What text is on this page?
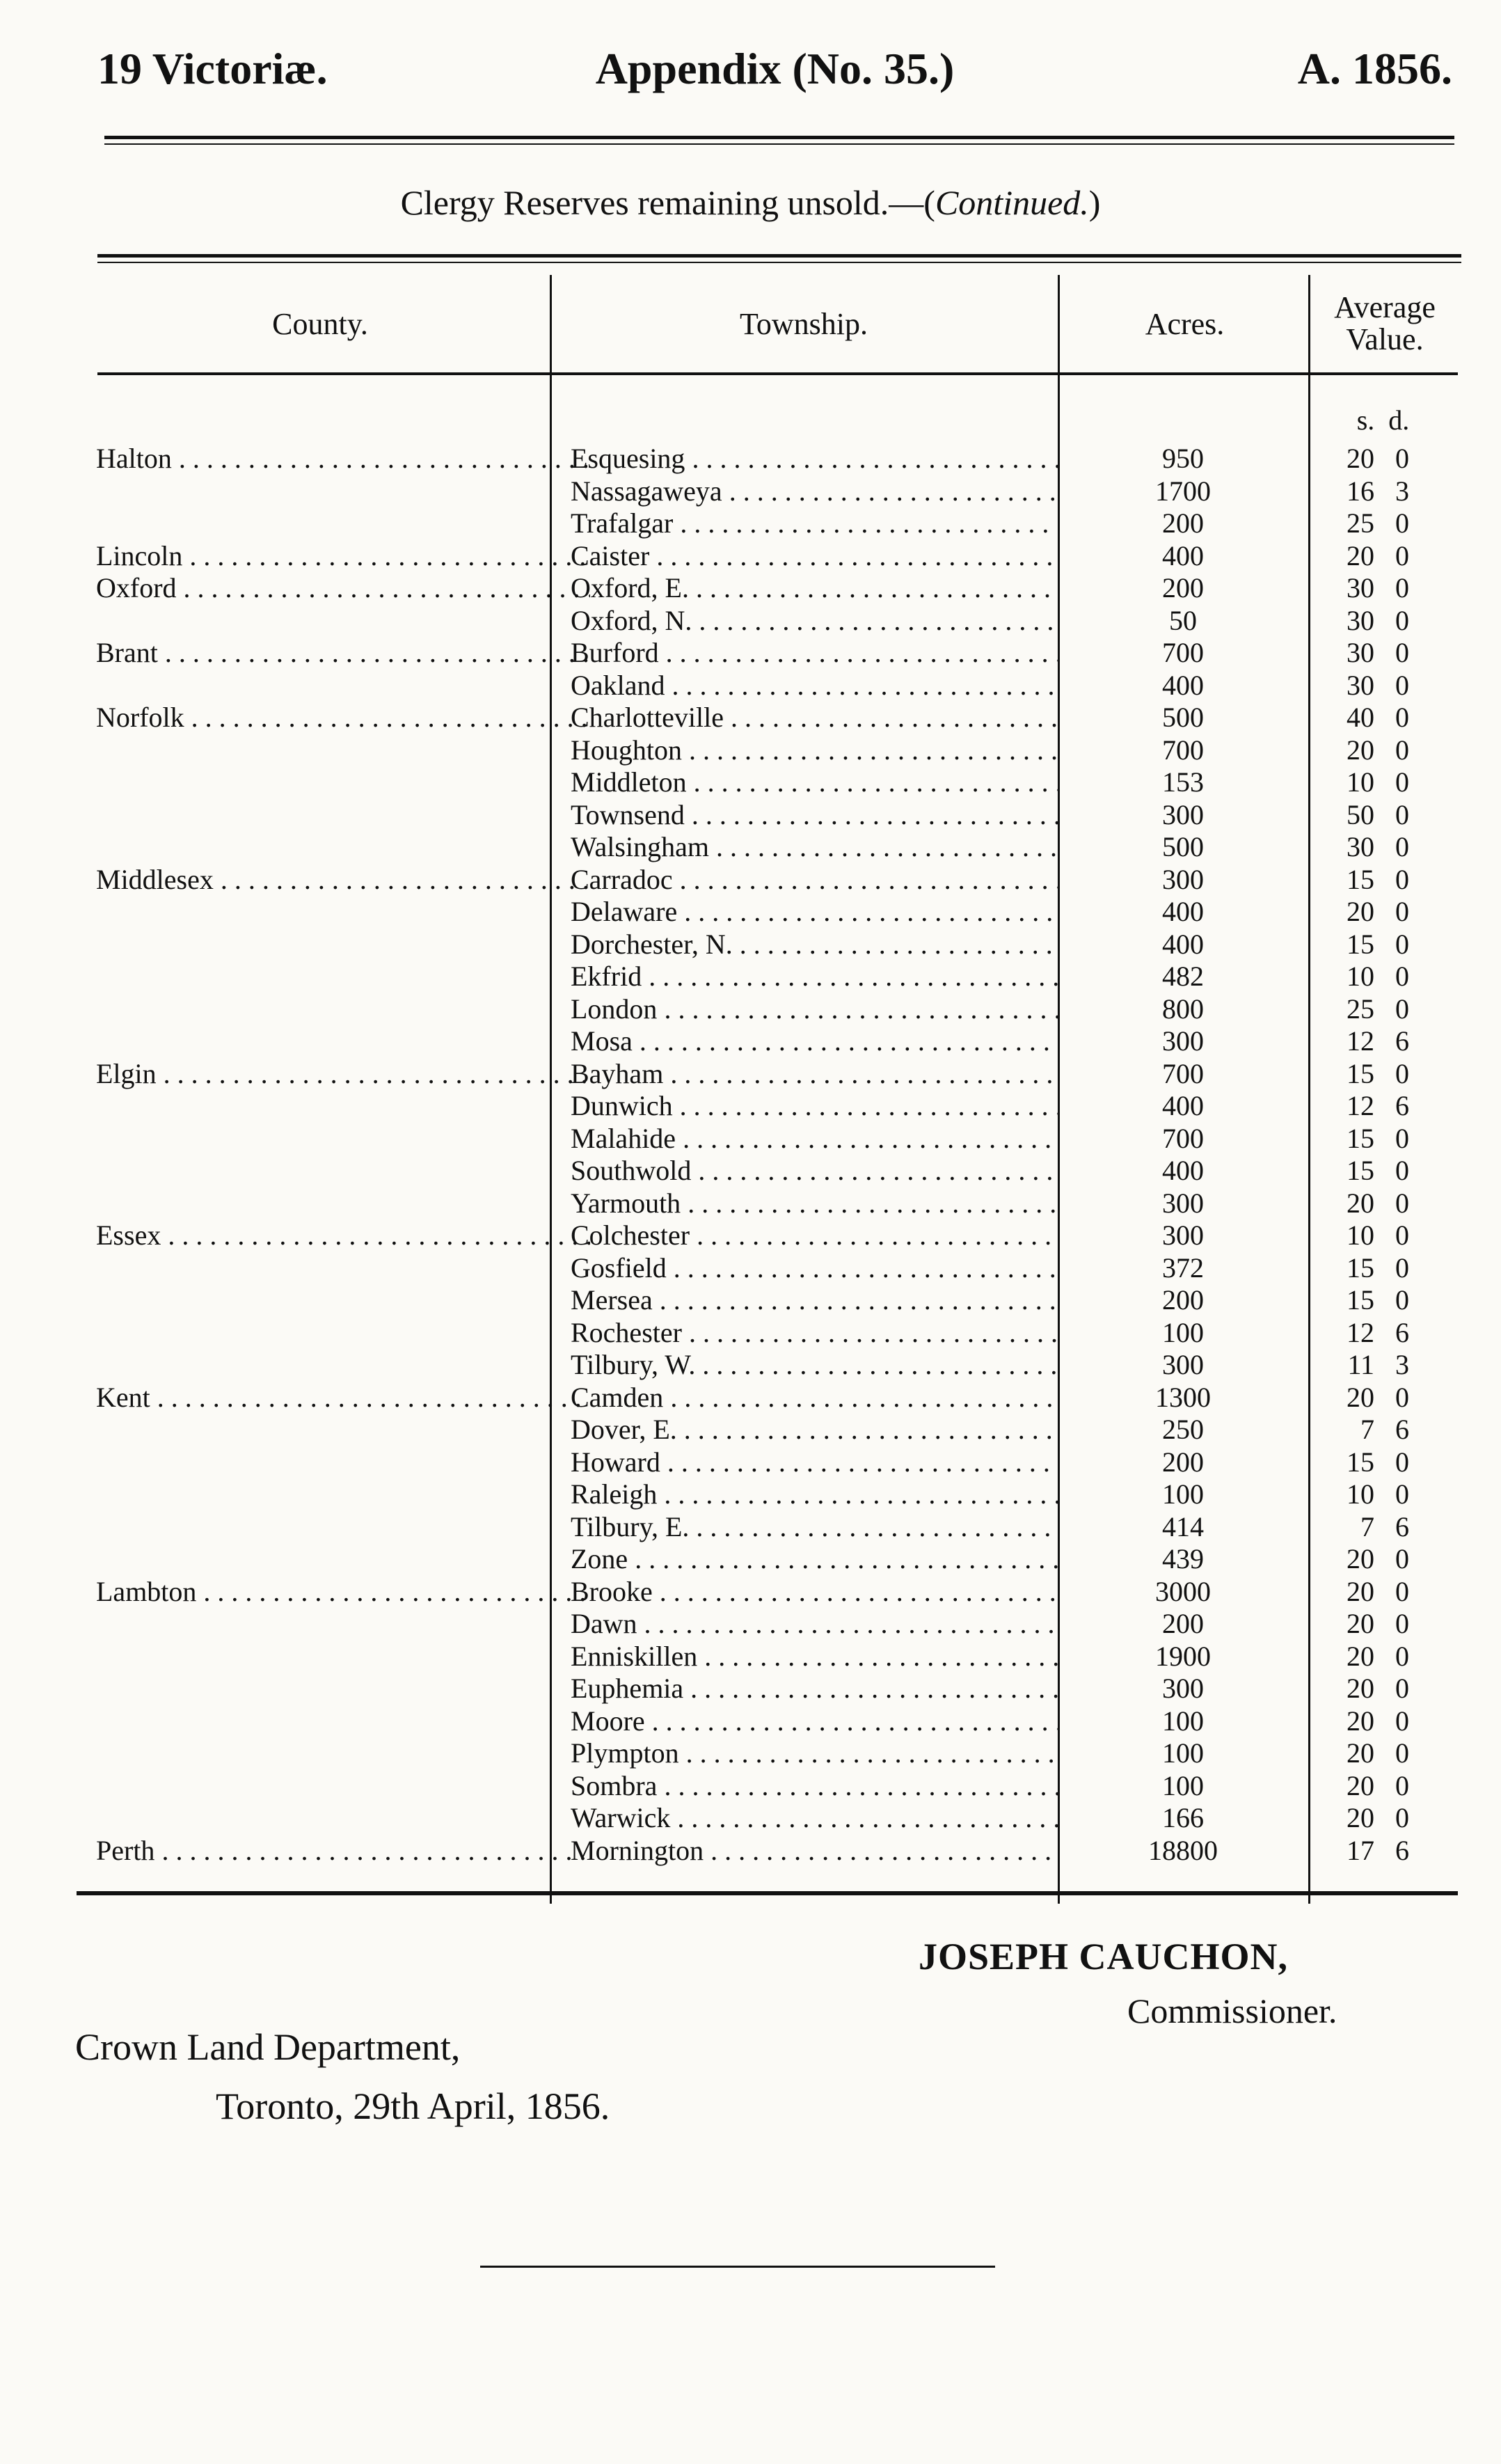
19 Victoriæ.	Appendix (No. 35.)	A. 1856.
Clergy Reserves remaining unsold.—(Continued.)
County.	Township.	Acres.	Average
Value.
s. d.
Halton . . .	Esquesing . . .	950	20 0
Nassagaweya . . .	1700	16 3
Trafalgar . . .	200	25 0
Lincoln . . .	Caister . . .	400	20 0
Oxford . . .	Oxford, E. . . .	200	30 0
Oxford, N. . . .	50	30 0
Brant . . .	Burford . . .	700	30 0
Oakland . . .	400	30 0
Norfolk . . .	Charlotteville . . .	500	40 0
Houghton . . .	700	20 0
Middleton . . .	153	10 0
Townsend . . .	300	50 0
Walsingham . . .	500	30 0
Middlesex . . .	Carradoc . . .	300	15 0
Delaware . . .	400	20 0
Dorchester, N. . . .	400	15 0
Ekfrid . . .	482	10 0
London . . .	800	25 0
Mosa . . .	300	12 6
Elgin . . .	Bayham . . .	700	15 0
Dunwich . . .	400	12 6
Malahide . . .	700	15 0
Southwold . . .	400	15 0
Yarmouth . . .	300	20 0
Essex . . .	Colchester . . .	300	10 0
Gosfield . . .	372	15 0
Mersea . . .	200	15 0
Rochester . . .	100	12 6
Tilbury, W. . . .	300	11 3
Kent . . .	Camden . . .	1300	20 0
Dover, E. . . .	250	7 6
Howard . . .	200	15 0
Raleigh . . .	100	10 0
Tilbury, E. . . .	414	7 6
Zone . . .	439	20 0
Lambton . . .	Brooke . . .	3000	20 0
Dawn . . .	200	20 0
Enniskillen . . .	1900	20 0
Euphemia . . .	300	20 0
Moore . . .	100	20 0
Plympton . . .	100	20 0
Sombra . . .	100	20 0
Warwick . . .	166	20 0
Perth . . .	Mornington . . .	18800	17 6
JOSEPH CAUCHON,
Commissioner.
Crown Land Department,
Toronto, 29th April, 1856.
